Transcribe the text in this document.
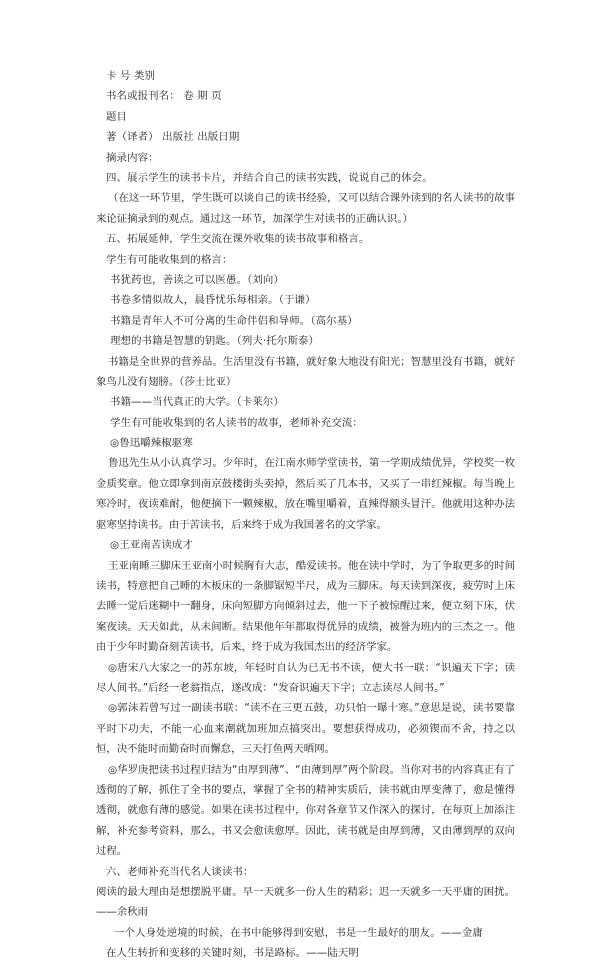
卡 号 类别

书名或报刊名： 卷 期 页

题目

著（译者） 出版社 出版日期

摘录内容：

四、展示学生的读书卡片，并结合自己的读书实践，说说自己的体会。

（在这一环节里，学生既可以谈自己的读书经验，又可以结合课外读到的名人读书的故事来论证摘录到的观点。通过这一环节，加深学生对读书的正确认识。）

五、拓展延伸，学生交流在课外收集的读书故事和格言。

学生有可能收集到的格言：

书犹药也，善读之可以医愚。（刘向）

书卷多情似故人，晨昏忧乐每相亲。（于谦）

书籍是青年人不可分离的生命伴侣和导师。（高尔基）

理想的书籍是智慧的钥匙。（列夫·托尔斯泰）

书籍是全世界的营养品。生活里没有书籍，就好象大地没有阳光；智慧里没有书籍，就好象鸟儿没有翅膀。（莎士比亚）

书籍——当代真正的大学。（卡莱尔）

学生有可能收集到的名人读书的故事，老师补充交流：

◎鲁迅嚼辣椒驱寒

鲁迅先生从小认真学习。少年时，在江南水师学堂读书，第一学期成绩优异，学校奖一枚金质奖章。他立即拿到南京鼓楼街头卖掉，然后买了几本书，又买了一串红辣椒。每当晚上寒冷时，夜读难耐，他便摘下一颗辣椒，放在嘴里嚼着，直辣得额头冒汗。他就用这种办法驱寒坚持读书。由于苦读书，后来终于成为我国著名的文学家。

◎王亚南苦读成才

王亚南睡三脚床王亚南小时候胸有大志，酷爱读书。他在读中学时，为了争取更多的时间读书，特意把自己睡的木板床的一条脚锯短半尺，成为三脚床。每天读到深夜，疲劳时上床去睡一觉后迷糊中一翻身，床向短脚方向倾斜过去，他一下子被惊醒过来，便立刻下床，伏案夜读。天天如此，从未间断。结果他年年都取得优异的成绩，被誉为班内的三杰之一。他由于少年时勤奋刻苦读书，后来，终于成为我国杰出的经济学家。

◎唐宋八大家之一的苏东坡，年轻时自认为已无书不读，便大书一联：“识遍天下字；读尽人间书。”后经一老翁指点，遂改成：“发奋识遍天下字；立志读尽人间书。”

◎郭沫若曾写过一副读书联：“读不在三更五鼓，功只怕一曝十寒。”意思是说，读书要靠平时下功夫，不能一心血来潮就加班加点搞突出。要想获得成功，必须锲而不舍，持之以恒，决不能时而勤奋时而懈怠，三天打鱼两天晒网。

◎华罗庚把读书过程归结为“由厚到薄”、“由薄到厚”两个阶段。当你对书的内容真正有了透彻的了解，抓住了全书的要点，掌握了全书的精神实质后，读书就由厚变薄了，愈是懂得透彻，就愈有薄的感觉。如果在读书过程中，你对各章节又作深入的探讨，在每页上加添注解，补充参考资料，那么，书又会愈读愈厚。因此，读书就是由厚到薄，又由薄到厚的双向过程。

六、老师补充当代名人谈读书：

阅读的最大理由是想摆脱平庸。早一天就多一份人生的精彩；迟一天就多一天平庸的困扰。——余秋雨

一个人身处逆境的时候，在书中能够得到安慰，书是一生最好的朋友。——金庸

在人生转折和变移的关键时刻，书是路标。——陆天明
